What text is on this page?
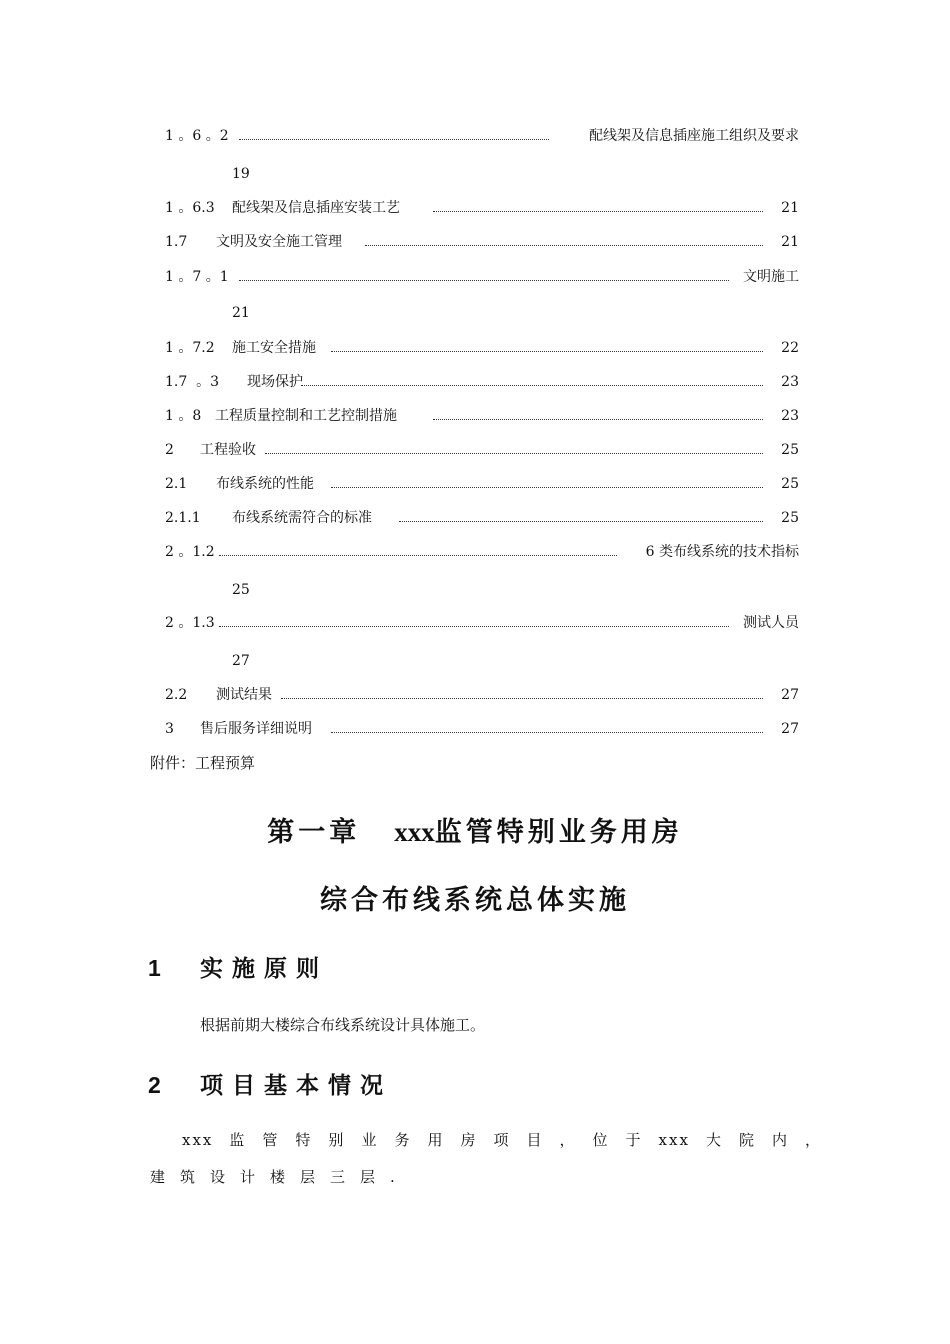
1 。6 。2	配线架及信息插座施工组织及要求
19
1 。6.3 配线架及信息插座安装工艺	21
1.7 文明及安全施工管理	21
1 。7 。1	文明施工
21
1 。7.2 施工安全措施	22
1.7  。3 现场保护	23
1 。8 工程质量控制和工艺控制措施	23
2 工程验收	25
2.1 布线系统的性能	25
2.1.1 布线系统需符合的标准	25
2 。1.2	6 类布线系统的技术指标
25
2 。1.3	测试人员
27
2.2 测试结果	27
3 售后服务详细说明	27
附件：工程预算
第一章 xxx监管特别业务用房
综合布线系统总体实施
1 实施原则
根据前期大楼综合布线系统设计具体施工。
2 项目基本情况
xxx监管特别业务用房项目，位于xxx大院内，
建筑设计楼层三层.
